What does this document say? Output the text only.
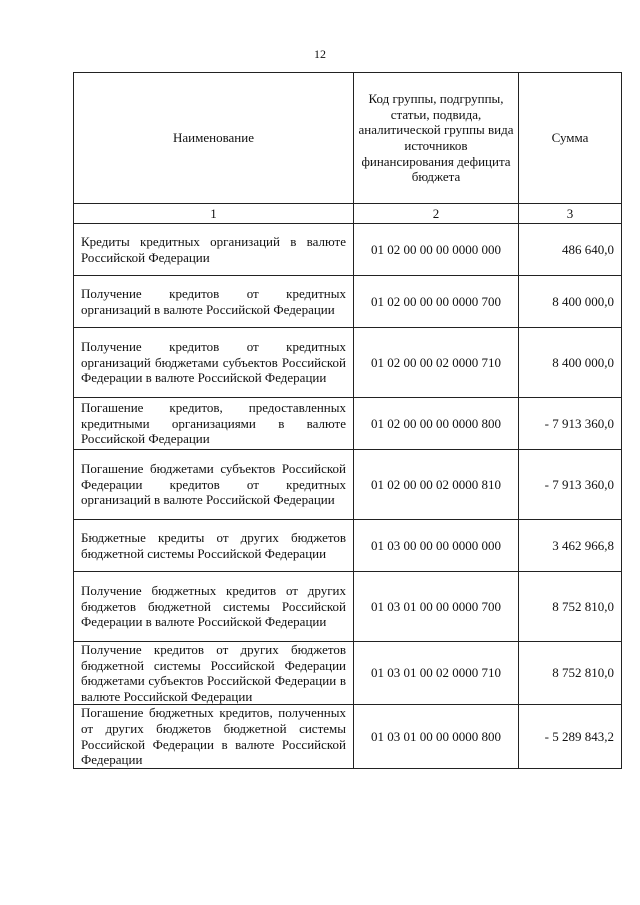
12
Наименование	Код группы, подгруппы, статьи, подвида, аналитической группы вида источников финансирования дефицита бюджета	Сумма
1	2	3
Кредиты кредитных организаций в валюте Российской Федерации	01 02 00 00 00 0000 000	486 640,0
Получение кредитов от кредитных организаций в валюте Российской Федерации	01 02 00 00 00 0000 700	8 400 000,0
Получение кредитов от кредитных организаций бюджетами субъектов Российской Федерации в валюте Российской Федерации	01 02 00 00 02 0000 710	8 400 000,0
Погашение кредитов, предоставленных кредитными организациями в валюте Российской Федерации	01 02 00 00 00 0000 800	- 7 913 360,0
Погашение бюджетами субъектов Российской Федерации кредитов от кредитных организаций в валюте Российской Федерации	01 02 00 00 02 0000 810	- 7 913 360,0
Бюджетные кредиты от других бюджетов бюджетной системы Российской Федерации	01 03 00 00 00 0000 000	3 462 966,8
Получение бюджетных кредитов от других бюджетов бюджетной системы Российской Федерации в валюте Российской Федерации	01 03 01 00 00 0000 700	8 752 810,0
Получение кредитов от других бюджетов бюджетной системы Российской Федерации бюджетами субъектов Российской Федерации в валюте Российской Федерации	01 03 01 00 02 0000 710	8 752 810,0
Погашение бюджетных кредитов, полученных от других бюджетов бюджетной системы Российской Федерации в валюте Российской Федерации	01 03 01 00 00 0000 800	- 5 289 843,2
